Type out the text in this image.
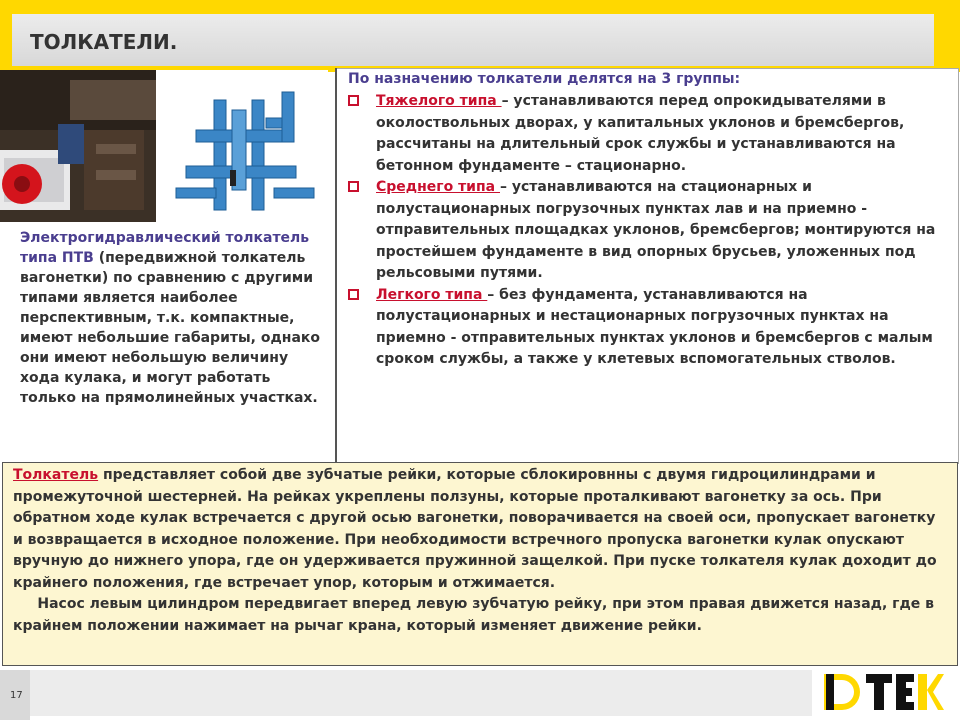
ТОЛКАТЕЛИ.
Электрогидравлический толкатель типа ПТВ (передвижной толкатель вагонетки) по сравнению с другими типами является наиболее перспективным, т.к. компактные, имеют небольшие габариты, однако они имеют небольшую величину хода кулака, и могут работать только на прямолинейных участках.
По назначению толкатели делятся на 3 группы:
Тяжелого типа – устанавливаются перед опрокидывателями в околоствольных дворах, у капитальных уклонов и бремсбергов, рассчитаны на длительный срок службы и устанавливаются на бетонном фундаменте – стационарно.
Среднего типа – устанавливаются на стационарных и полустационарных погрузочных пунктах лав и на приемно - отправительных площадках уклонов, бремсбергов; монтируются на простейшем фундаменте в вид опорных брусьев, уложенных под рельсовыми путями.
Легкого типа – без фундамента, устанавливаются на полустационарных и нестационарных погрузочных пунктах на приемно - отправительных пунктах уклонов и бремсбергов с малым сроком службы, а также у клетевых вспомогательных стволов.

Толкатель представляет собой две зубчатые рейки, которые сблокировнны с двумя гидроцилиндрами и промежуточной шестерней. На рейках укреплены ползуны, которые проталкивают вагонетку за ось. При обратном ходе кулак встречается с другой осью вагонетки, поворачивается на своей оси, пропускает вагонетку и возвращается в исходное положение. При необходимости встречного пропуска вагонетки кулак опускают вручную до нижнего упора, где он удерживается пружинной защелкой. При пуске толкателя кулак доходит до крайнего положения, где встречает упор, которым и отжимается.
Насос левым цилиндром передвигает вперед левую зубчатую рейку, при этом правая движется назад, где в крайнем положении нажимает на рычаг крана, который изменяет движение рейки.

17
